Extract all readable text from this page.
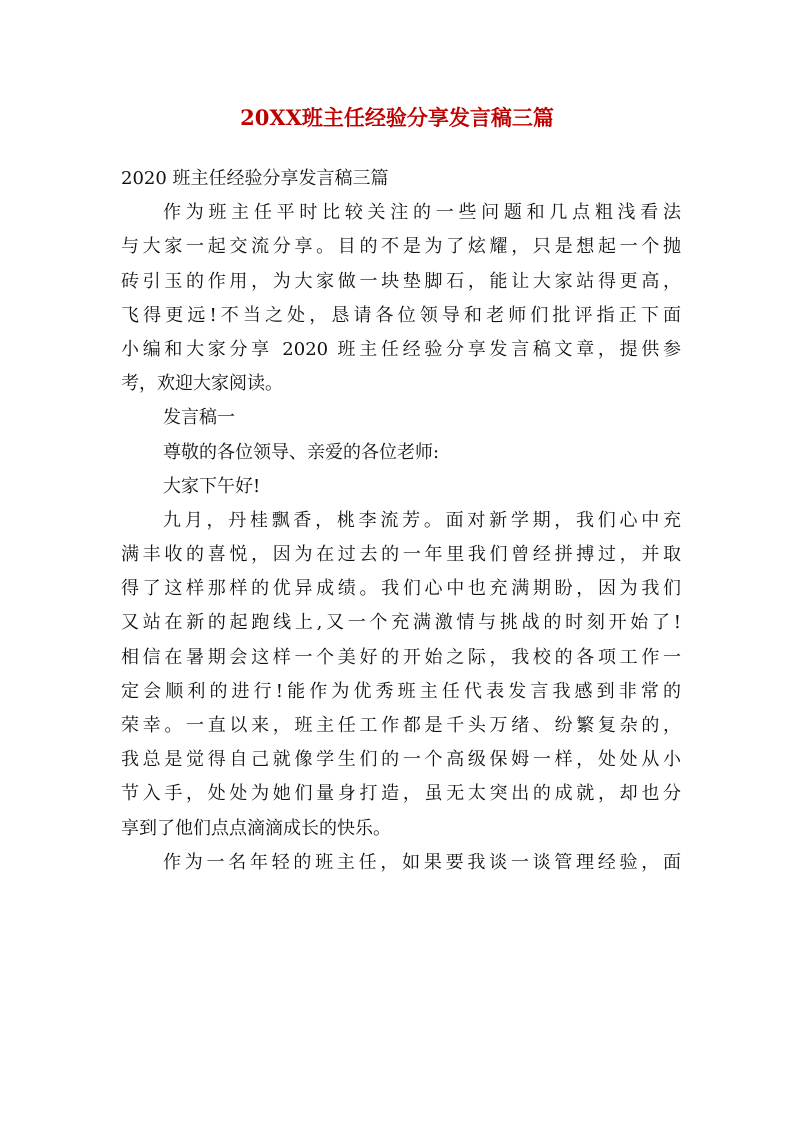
20XX班主任经验分享发言稿三篇
2020 班主任经验分享发言稿三篇
作为班主任平时比较关注的一些问题和几点粗浅看法
与大家一起交流分享。目的不是为了炫耀，只是想起一个抛
砖引玉的作用，为大家做一块垫脚石，能让大家站得更高，
飞得更远!不当之处，恳请各位领导和老师们批评指正下面
小编和大家分享 2020 班主任经验分享发言稿文章，提供参
考，欢迎大家阅读。
发言稿一
尊敬的各位领导、亲爱的各位老师:
大家下午好!
九月，丹桂飘香，桃李流芳。面对新学期，我们心中充
满丰收的喜悦，因为在过去的一年里我们曾经拼搏过，并取
得了这样那样的优异成绩。我们心中也充满期盼，因为我们
又站在新的起跑线上,又一个充满激情与挑战的时刻开始了!
相信在暑期会这样一个美好的开始之际，我校的各项工作一
定会顺利的进行!能作为优秀班主任代表发言我感到非常的
荣幸。一直以来，班主任工作都是千头万绪、纷繁复杂的，
我总是觉得自己就像学生们的一个高级保姆一样，处处从小
节入手，处处为她们量身打造，虽无太突出的成就，却也分
享到了他们点点滴滴成长的快乐。
作为一名年轻的班主任，如果要我谈一谈管理经验，面
